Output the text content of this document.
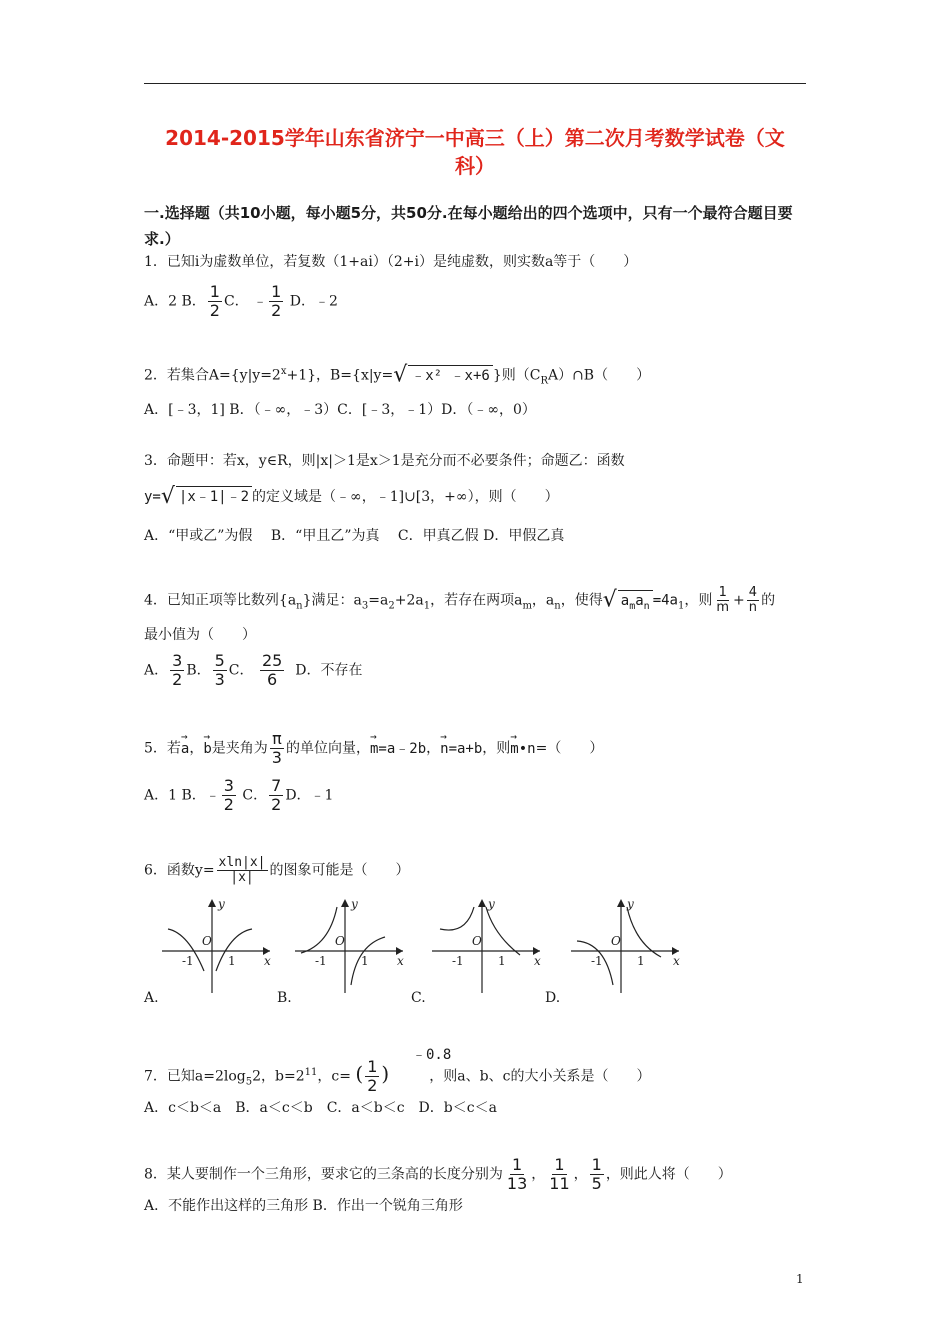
2014-2015学年山东省济宁一中高三（上）第二次月考数学试卷（文
科）
一.选择题（共10小题，每小题5分，共50分.在每小题给出的四个选项中，只有一个最符合题目要求.）
1．已知i为虚数单位，若复数（1+ai）（2+i）是纯虚数，则实数a等于（　　）
A．2 B． $\frac{1}{2}$ C． ﹣ $\frac{1}{2}$ D．﹣2
2．若集合$A=\{y|y=2^x+1\}$，B={x|y=√ ﹣x² ﹣x+6 }则$(C_RA)\cap B$（　　）
A．[﹣3，1] B．（﹣∞，﹣3）C．[﹣3，﹣1）D．（﹣∞，0）
3．命题甲：若x，y∈R，则|x|＞1是x＞1是充分而不必要条件；命题乙：函数
y=√ |x﹣1|﹣2 的定义域是（﹣∞，﹣1]∪[3，+∞），则（　　）
A．“甲或乙”为假　 B．“甲且乙”为真　 C．甲真乙假 D．甲假乙真
4．已知正项等比数列$\{a_n\}$满足：$a_3=a_2+2a_1$，若存在两项$a_m$，$a_n$，使得√ $a_ma_n =4a_1$，则 $\frac{1}{m} + \frac{4}{n}$ 的
最小值为（　　）
A． $\frac{3}{2}$ B． $\frac{5}{3}$ C． $\frac{25}{6}$ D．不存在
5．若→ a，→ b是夹角为 $\frac{\pi}{3}$ 的单位向量，→ m=a﹣2b，→ n=a+b，则→ m•n=（　　）
A．1 B．﹣ $\frac{3}{2}$ C． $\frac{7}{2}$ D．﹣1
6．函数$y= \frac{xln|x|}{|x|}$ 的图象可能是（　　）
y
x
O
-1	1
y
x
O
-1	1
y
x
O
-1	1
y
x
O
-1	1
A.	B.	C.	D.
﹣0.8
7．已知$a=2\log_52$，$b=2^{11}$，c= ( $\frac{1}{2}$ )	，则a、b、c的大小关系是（　　）
A．c＜b＜a　B．a＜c＜b　C．a＜b＜c　D．b＜c＜a
8．某人要制作一个三角形，要求它的三条高的长度分别为 $\frac{1}{13}$ ， $\frac{1}{11}$ ， $\frac{1}{5}$ ，则此人将（　　）
A．不能作出这样的三角形 B．作出一个锐角三角形
1
